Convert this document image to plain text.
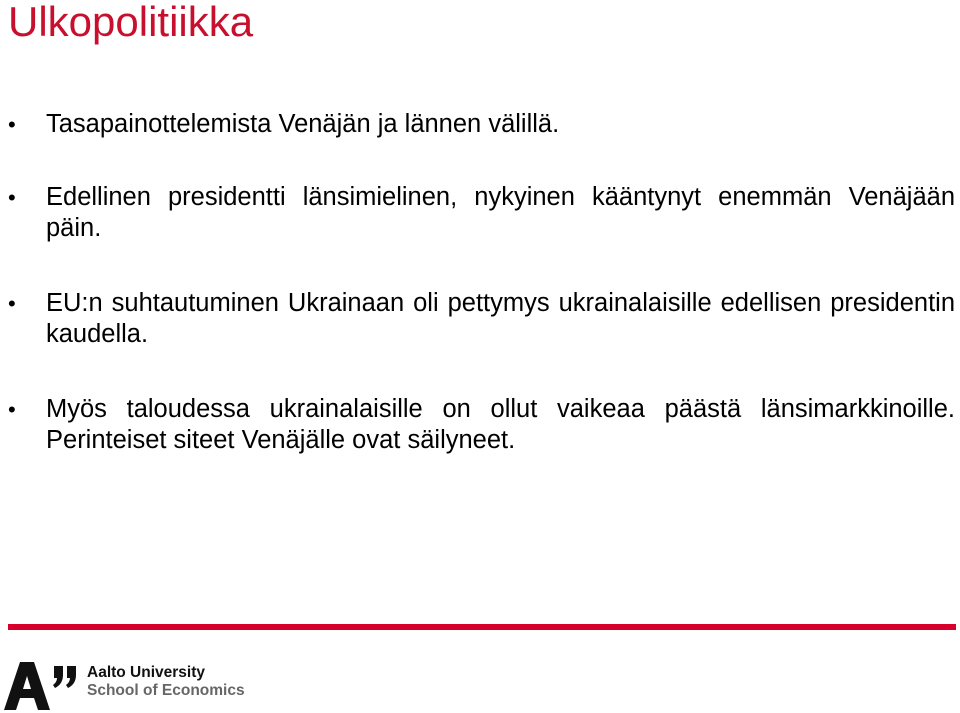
Ulkopolitiikka
• Tasapainottelemista Venäjän ja lännen välillä.
• Edellinen presidentti länsimielinen, nykyinen kääntynyt enemmän Venäjään päin.
• EU:n suhtautuminen Ukrainaan oli pettymys ukrainalaisille edellisen presidentin kaudella.
• Myös taloudessa ukrainalaisille on ollut vaikeaa päästä länsimarkkinoille. Perinteiset siteet Venäjälle ovat säilyneet.
Aalto University
School of Economics
